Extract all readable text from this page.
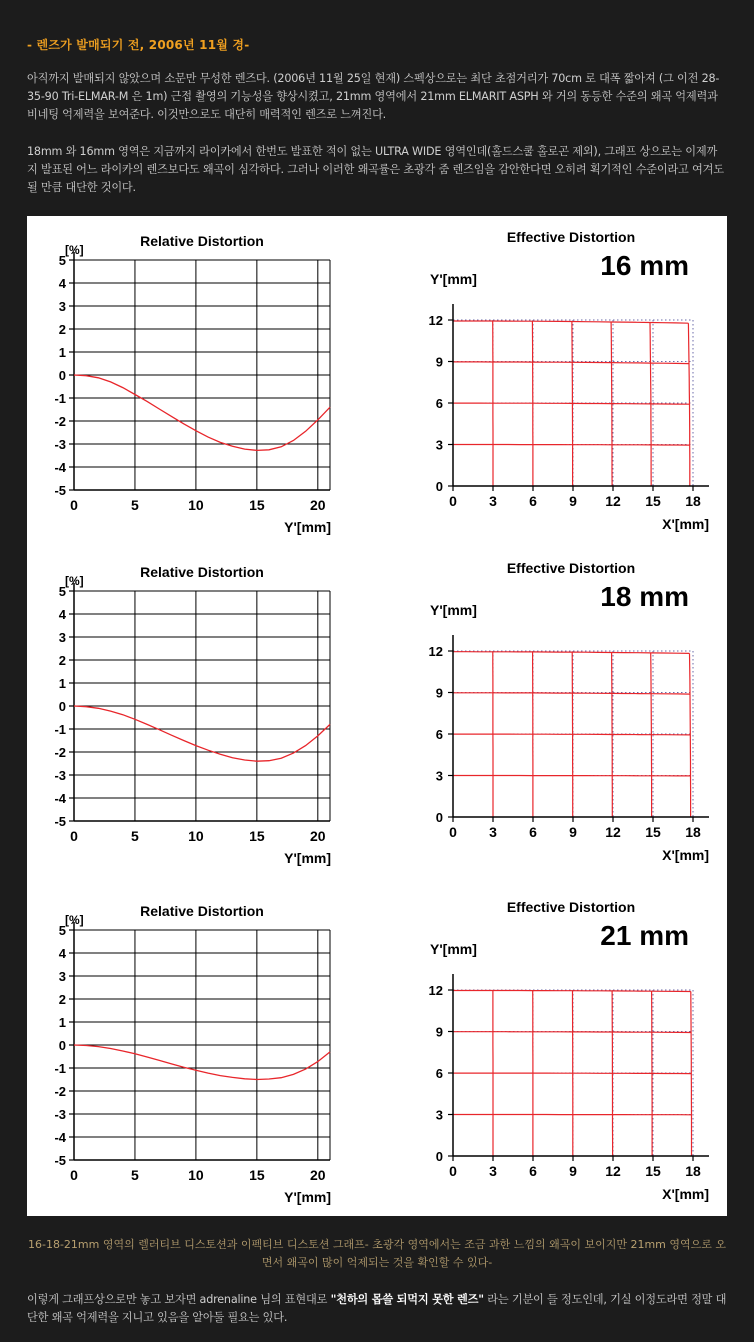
- 렌즈가 발매되기 전, 2006년 11월 경-
아직까지 발매되지 않았으며 소문만 무성한 렌즈다. (2006년 11월 25일 현재) 스펙상으로는 최단 초점거리가 70cm 로 대폭 짧아져 (그 이전 28-35-90 Tri-ELMAR-M 은 1m) 근접 촬영의 기능성을 향상시켰고, 21mm 영역에서 21mm ELMARIT ASPH 와 거의 동등한 수준의 왜곡 억제력과 비네팅 억제력을 보여준다. 이것만으로도 대단히 매력적인 렌즈로 느껴진다.
18mm 와 16mm 영역은 지금까지 라이카에서 한번도 발표한 적이 없는 ULTRA WIDE 영역인데(홀드스쿨 홀로곤 제외), 그래프 상으로는 이제까지 발표된 어느 라이카의 렌즈보다도 왜곡이 심각하다. 그러나 이러한 왜곡률은 초광각 줌 렌즈임을 감안한다면 오히려 획기적인 수준이라고 여겨도 될 만큼 대단한 것이다.
Relative Distortion
[%]
5
4
3
2
1
0
-1
-2
-3
-4
-5
0	5	10	15	20
Y'[mm]
Effective Distortion
16 mm
Y'[mm]
0
3
6
9
12
0 3 6 9 12 15 18
X'[mm]
Relative Distortion
[%]
5
4
3
2
1
0
-1
-2
-3
-4
-5
0	5	10	15	20
Y'[mm]
Effective Distortion
18 mm
Y'[mm]
0
3
6
9
12
0 3 6 9 12 15 18
X'[mm]
Relative Distortion
[%]
5
4
3
2
1
0
-1
-2
-3
-4
-5
0	5	10	15	20
Y'[mm]
Effective Distortion
21 mm
Y'[mm]
0
3
6
9
12
0 3 6 9 12 15 18
X'[mm]
16-18-21mm 영역의 렐러티브 디스토션과 이펙티브 디스토션 그래프- 초광각 영역에서는 조금 과한 느낌의 왜곡이 보이지만 21mm 영역으로 오면서 왜곡이 많이 억제되는 것을 확인할 수 있다-
이렇게 그래프상으로만 놓고 보자면 adrenaline 님의 표현대로 "천하의 몹쓸 되먹지 못한 렌즈" 라는 기분이 들 정도인데, 기실 이정도라면 정말 대단한 왜곡 억제력을 지니고 있음을 알아둘 필요는 있다.
